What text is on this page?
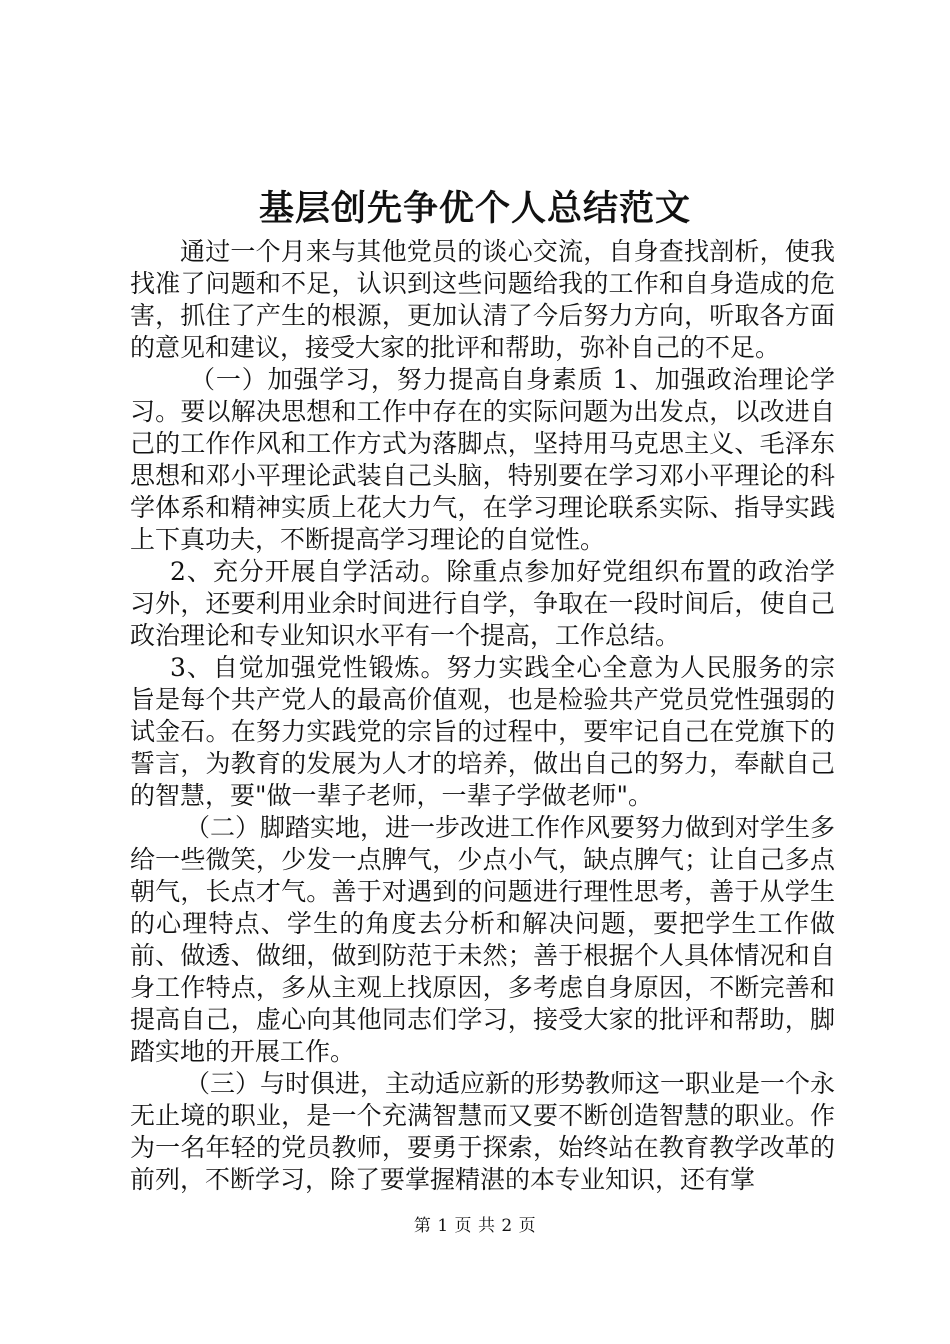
基层创先争优个人总结范文

通过一个月来与其他党员的谈心交流，自身查找剖析，使我找准了问题和不足，认识到这些问题给我的工作和自身造成的危害，抓住了产生的根源，更加认清了今后努力方向，听取各方面的意见和建议，接受大家的批评和帮助，弥补自己的不足。

（一）加强学习，努力提高自身素质 1、加强政治理论学习。要以解决思想和工作中存在的实际问题为出发点，以改进自己的工作作风和工作方式为落脚点，坚持用马克思主义、毛泽东思想和邓小平理论武装自己头脑，特别要在学习邓小平理论的科学体系和精神实质上花大力气，在学习理论联系实际、指导实践上下真功夫，不断提高学习理论的自觉性。

2、充分开展自学活动。除重点参加好党组织布置的政治学习外，还要利用业余时间进行自学，争取在一段时间后，使自己政治理论和专业知识水平有一个提高，工作总结。

3、自觉加强党性锻炼。努力实践全心全意为人民服务的宗旨是每个共产党人的最高价值观，也是检验共产党员党性强弱的试金石。在努力实践党的宗旨的过程中，要牢记自己在党旗下的誓言，为教育的发展为人才的培养，做出自己的努力，奉献自己的智慧，要"做一辈子老师，一辈子学做老师"。

（二）脚踏实地，进一步改进工作作风要努力做到对学生多给一些微笑，少发一点脾气，少点小气，缺点脾气；让自己多点朝气，长点才气。善于对遇到的问题进行理性思考，善于从学生的心理特点、学生的角度去分析和解决问题，要把学生工作做前、做透、做细，做到防范于未然；善于根据个人具体情况和自身工作特点，多从主观上找原因，多考虑自身原因，不断完善和提高自己，虚心向其他同志们学习，接受大家的批评和帮助，脚踏实地的开展工作。

（三）与时俱进，主动适应新的形势教师这一职业是一个永无止境的职业，是一个充满智慧而又要不断创造智慧的职业。作为一名年轻的党员教师，要勇于探索，始终站在教育教学改革的前列，不断学习，除了要掌握精湛的本专业知识，还有掌

第 1 页 共 2 页
